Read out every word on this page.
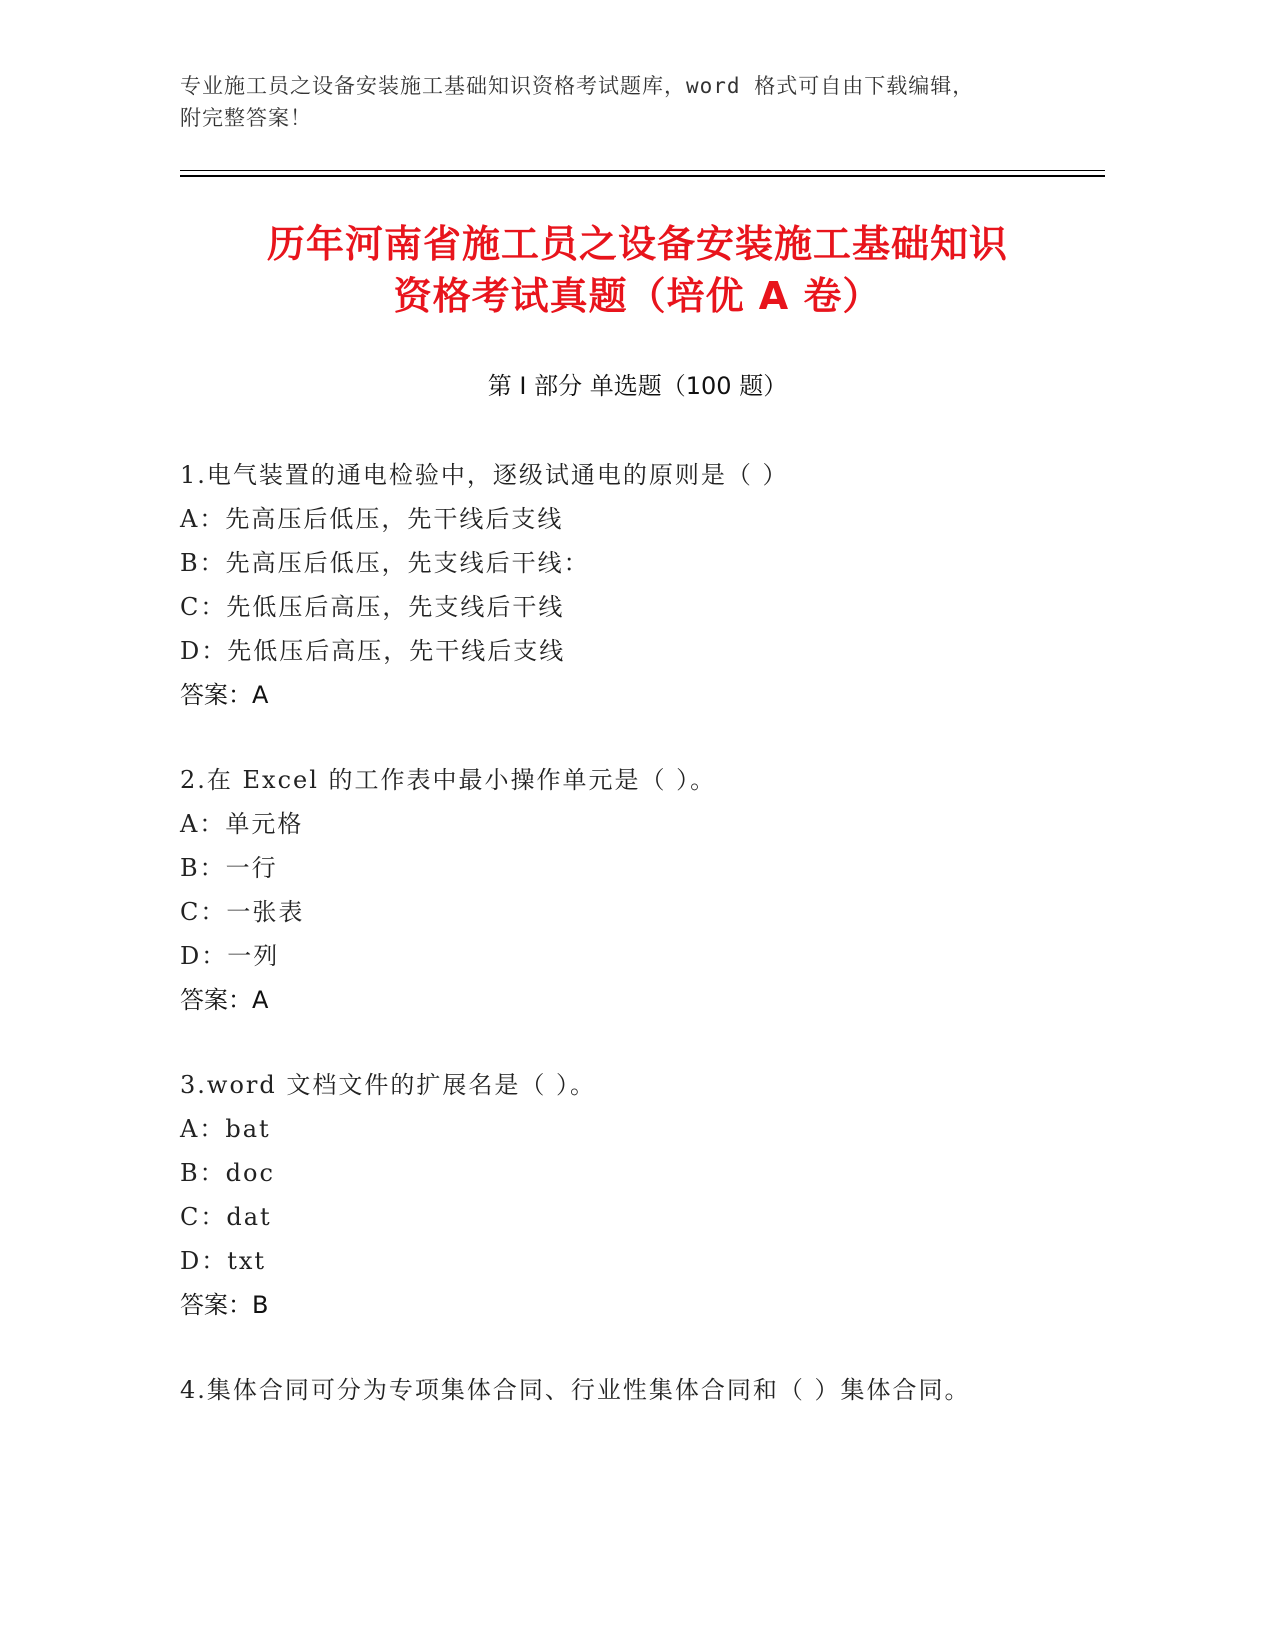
专业施工员之设备安装施工基础知识资格考试题库，word 格式可自由下载编辑，
附完整答案！
历年河南省施工员之设备安装施工基础知识
资格考试真题（培优 A 卷）
第 I 部分 单选题（100 题）
1.电气装置的通电检验中，逐级试通电的原则是（ ）
A：先高压后低压，先干线后支线
B：先高压后低压，先支线后干线：
C：先低压后高压，先支线后干线
D：先低压后高压，先干线后支线
答案：A
2.在 Excel 的工作表中最小操作单元是（ ）。
A：单元格
B：一行
C：一张表
D：一列
答案：A
3.word 文档文件的扩展名是（ ）。
A：bat
B：doc
C：dat
D：txt
答案：B
4.集体合同可分为专项集体合同、行业性集体合同和（ ）集体合同。
